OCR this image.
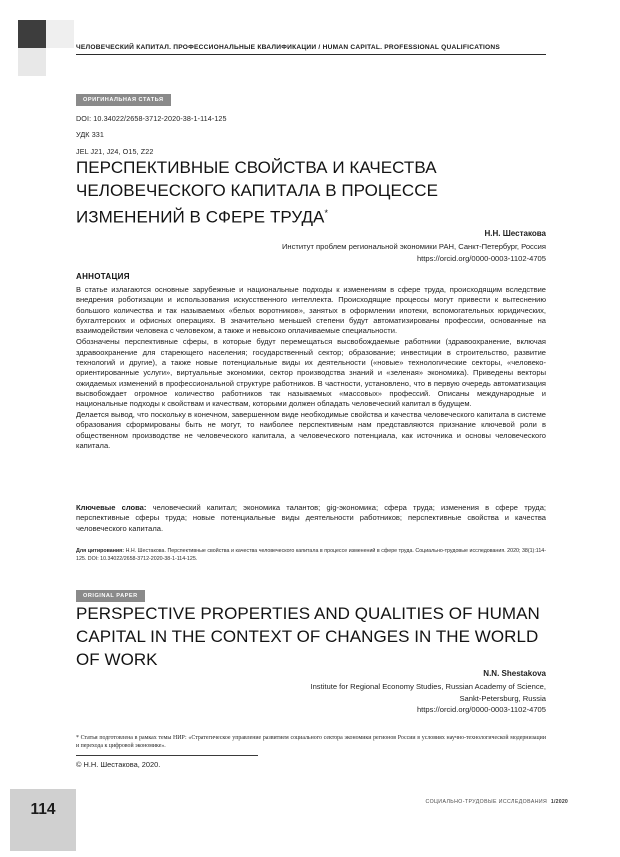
ЧЕЛОВЕЧЕСКИЙ КАПИТАЛ. ПРОФЕССИОНАЛЬНЫЕ КВАЛИФИКАЦИИ / HUMAN CAPITAL. PROFESSIONAL QUALIFICATIONS
ОРИГИНАЛЬНАЯ СТАТЬЯ
DOI: 10.34022/2658-3712-2020-38-1-114-125
УДК 331
JEL J21, J24, O15, Z22
ПЕРСПЕКТИВНЫЕ СВОЙСТВА И КАЧЕСТВА ЧЕЛОВЕЧЕСКОГО КАПИТАЛА В ПРОЦЕССЕ ИЗМЕНЕНИЙ В СФЕРЕ ТРУДА*
Н.Н. Шестакова
Институт проблем региональной экономики РАН, Санкт-Петербург, Россия
https://orcid.org/0000-0003-1102-4705
АННОТАЦИЯ

В статье излагаются основные зарубежные и национальные подходы к изменениям в сфере труда, происходящим вследствие внедрения роботизации и использования искусственного интеллекта. Происходящие процессы могут привести к вытеснению большого количества и так называемых «белых воротников», занятых в оформлении ипотеки, вспомогательных юридических, бухгалтерских и офисных операциях. В значительно меньшей степени будут автоматизированы профессии, основанные на взаимодействии человека с человеком, а также и невысоко оплачиваемые специальности.

Обозначены перспективные сферы, в которые будут перемещаться высвобождаемые работники (здравоохранение, включая здравоохранение для стареющего населения; государственный сектор; образование; инвестиции в строительство, развитие технологий и другие), а также новые потенциальные виды их деятельности («новые» технологические секторы, «человеко-ориентированные услуги», виртуальные экономики, сектор производства знаний и «зеленая» экономика). Приведены векторы ожидаемых изменений в профессиональной структуре работников. В частности, установлено, что в первую очередь автоматизация высвобождает огромное количество работников так называемых «массовых» профессий. Описаны международные и национальные подходы к свойствам и качествам, которыми должен обладать человеческий капитал в будущем.

Делается вывод, что поскольку в конечном, завершенном виде необходимые свойства и качества человеческого капитала в системе образования сформированы быть не могут, то наиболее перспективным нам представляются признание ключевой роли в общественном производстве не человеческого капитала, а человеческого потенциала, как источника и основы человеческого капитала.

Ключевые слова: человеческий капитал; экономика талантов; gig-экономика; сфера труда; изменения в сфере труда; перспективные сферы труда; новые потенциальные виды деятельности работников; перспективные свойства и качества человеческого капитала.
Для цитирования: Н.Н. Шестакова. Перспективные свойства и качества человеческого капитала в процессе изменений в сфере труда. Социально-трудовые исследования. 2020; 38(1):114-125. DOI: 10.34022/2658-3712-2020-38-1-114-125.
ORIGINAL PAPER
PERSPECTIVE PROPERTIES AND QUALITIES OF HUMAN CAPITAL IN THE CONTEXT OF CHANGES IN THE WORLD OF WORK
N.N. Shestakova
Institute for Regional Economy Studies, Russian Academy of Science,
Sankt-Petersburg, Russia
https://orcid.org/0000-0003-1102-4705
* Статья подготовлена в рамках темы НИР: «Стратегическое управление развитием социального сектора экономики регионов России в условиях научно-технологической модернизации и перехода к цифровой экономике».
© Н.Н. Шестакова, 2020.
114	СОЦИАЛЬНО-ТРУДОВЫЕ ИССЛЕДОВАНИЯ 1/2020
